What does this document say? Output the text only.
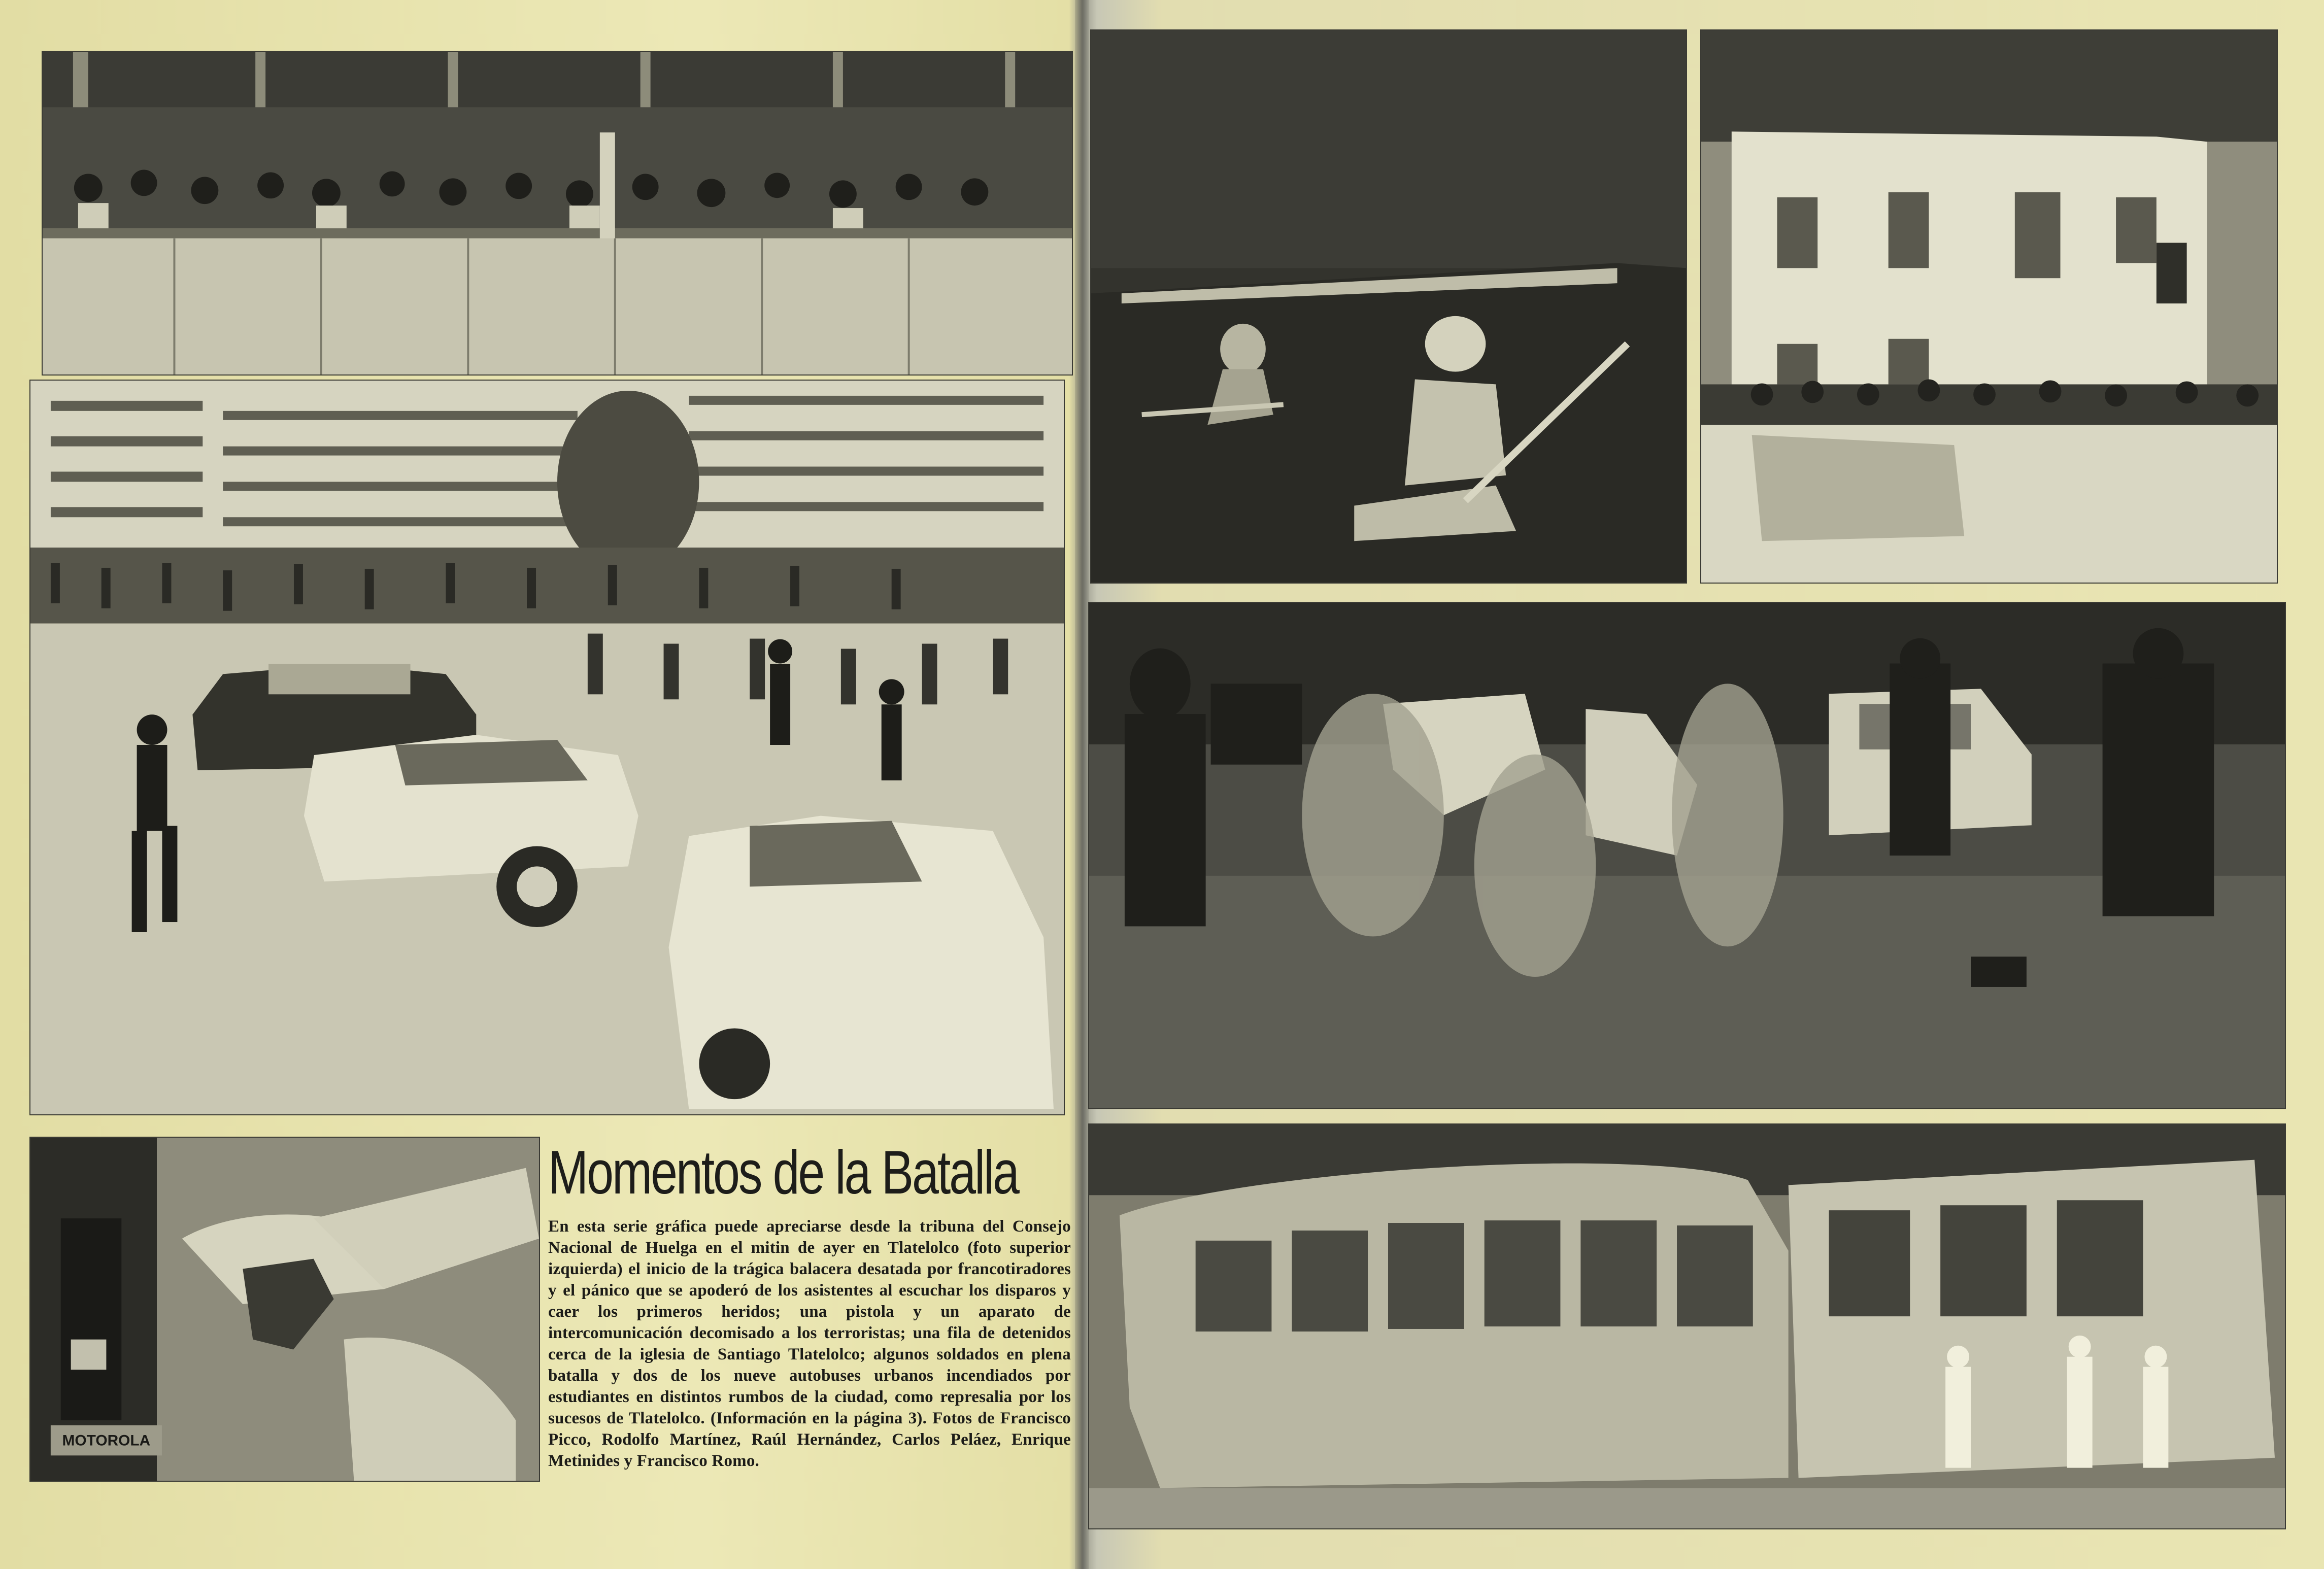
MOTOROLA
Momentos de la Batalla
En esta serie gráfica puede apreciarse desde la tribuna del Consejo Nacional de Huelga en el mitin de ayer en Tlatelolco (foto superior izquierda) el inicio de la trágica balacera desatada por francotiradores y el pánico que se apoderó de los asistentes al escuchar los disparos y caer los primeros heridos; una pistola y un aparato de intercomunicación decomisado a los terroristas; una fila de detenidos cerca de la iglesia de Santiago Tlatelolco; algunos soldados en plena batalla y dos de los nueve autobuses urbanos incendiados por estudiantes en distintos rumbos de la ciudad, como represalia por los sucesos de Tlatelolco. (Información en la página 3). Fotos de Francisco Picco, Rodolfo Martínez, Raúl Hernández, Carlos Peláez, Enrique Metinides y Francisco Romo.
